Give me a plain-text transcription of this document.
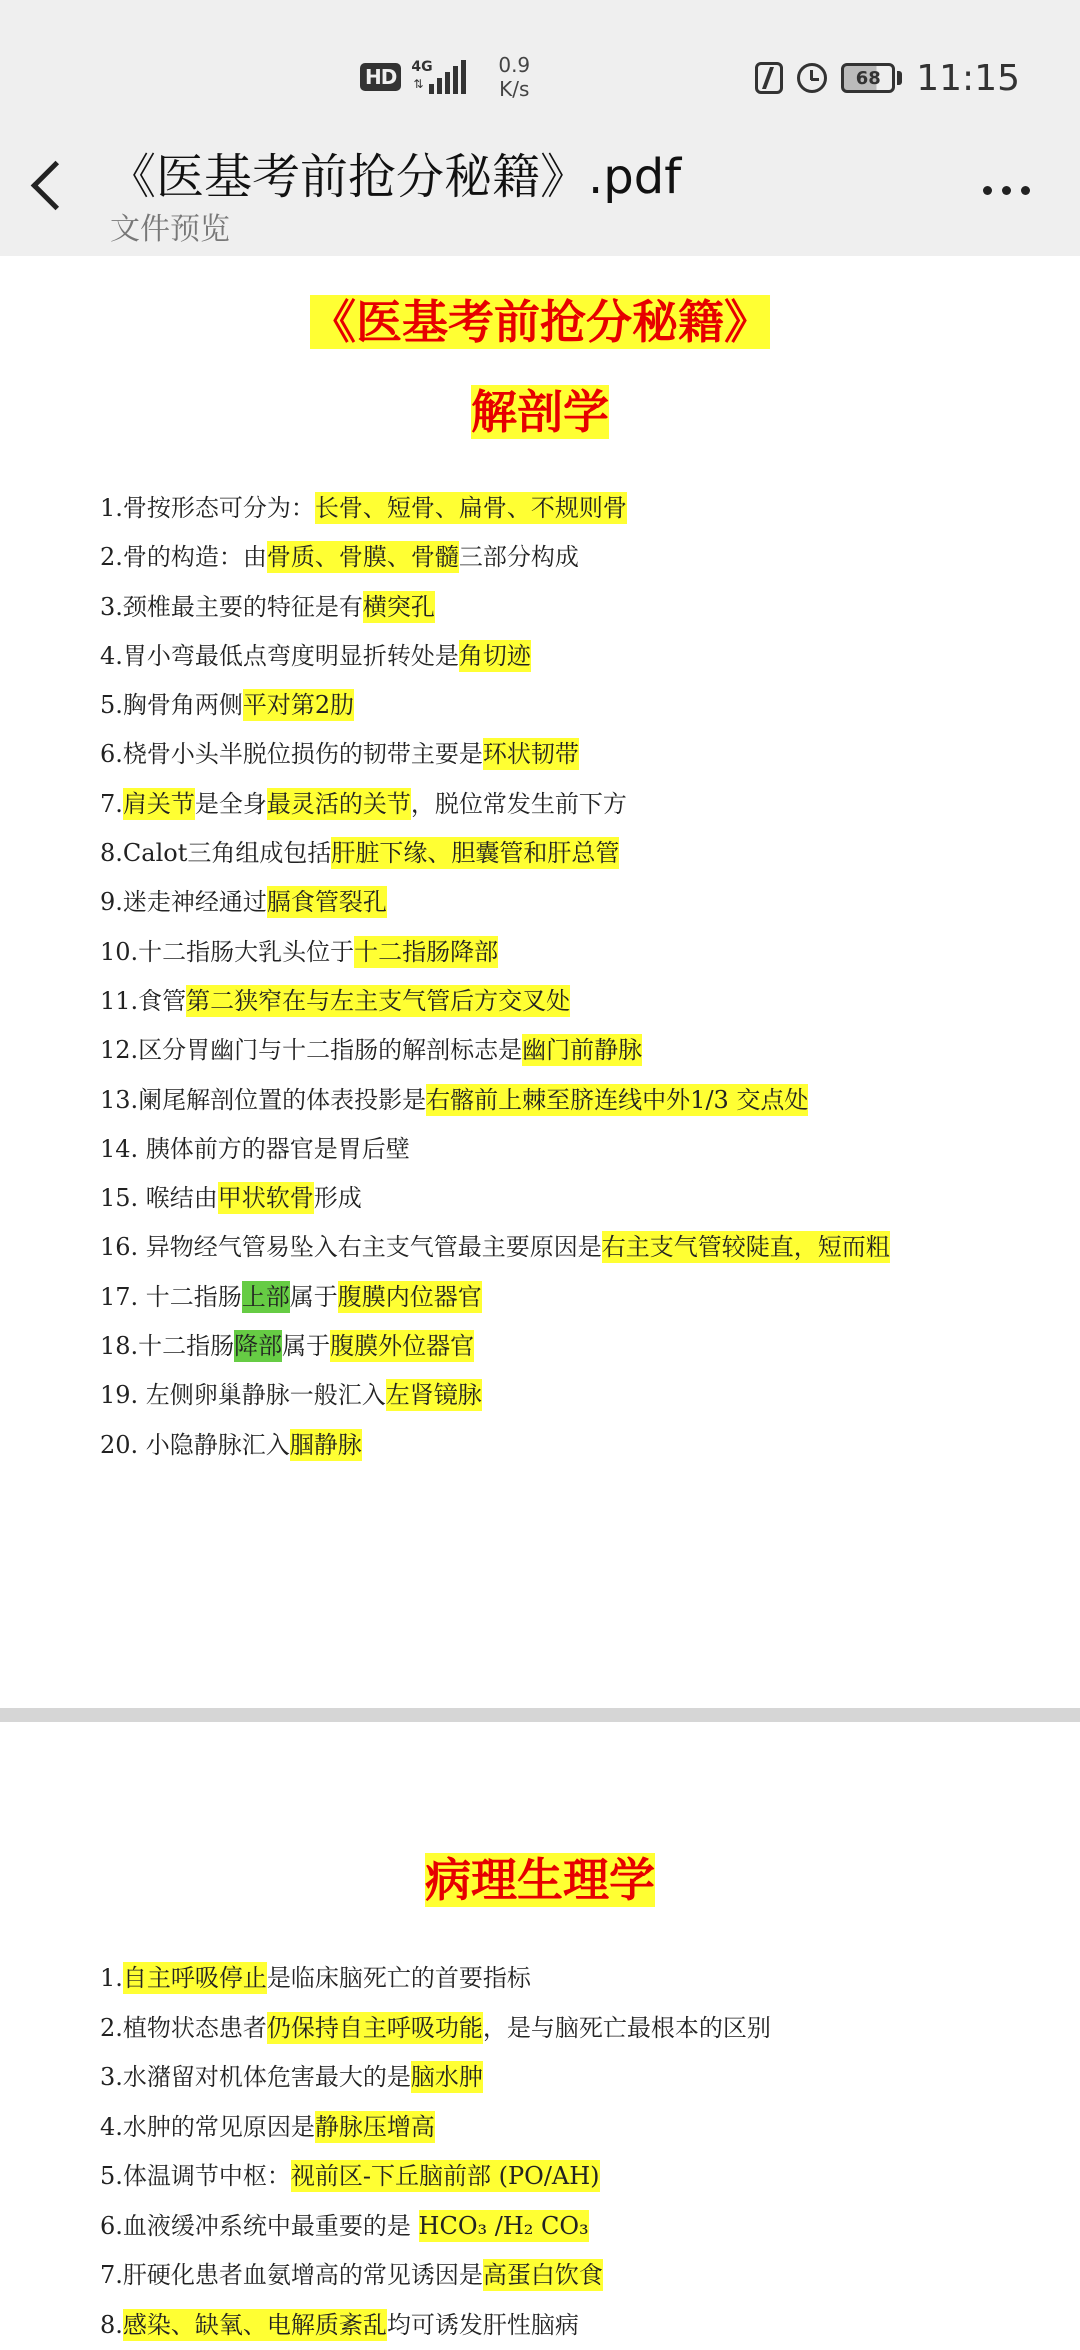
HD	4G
⇅
0.9
K/s	68 11:15
《医基考前抢分秘籍》.pdf
文件预览
《医基考前抢分秘籍》
解剖学
1.骨按形态可分为：长骨、短骨、扁骨、不规则骨
2.骨的构造：由骨质、骨膜、骨髓三部分构成
3.颈椎最主要的特征是有横突孔
4.胃小弯最低点弯度明显折转处是角切迹
5.胸骨角两侧平对第2肋
6.桡骨小头半脱位损伤的韧带主要是环状韧带
7.肩关节是全身最灵活的关节，脱位常发生前下方
8.Calot三角组成包括肝脏下缘、胆囊管和肝总管
9.迷走神经通过膈食管裂孔
10.十二指肠大乳头位于十二指肠降部
11.食管第二狭窄在与左主支气管后方交叉处
12.区分胃幽门与十二指肠的解剖标志是幽门前静脉
13.阑尾解剖位置的体表投影是右髂前上棘至脐连线中外1/3 交点处
14. 胰体前方的器官是胃后壁
15. 喉结由甲状软骨形成
16. 异物经气管易坠入右主支气管最主要原因是右主支气管较陡直，短而粗
17. 十二指肠上部属于腹膜内位器官
18.十二指肠降部属于腹膜外位器官
19. 左侧卵巢静脉一般汇入左肾镜脉
20. 小隐静脉汇入腘静脉
病理生理学
1.自主呼吸停止是临床脑死亡的首要指标
2.植物状态患者仍保持自主呼吸功能，是与脑死亡最根本的区别
3.水潴留对机体危害最大的是脑水肿
4.水肿的常见原因是静脉压增高
5.体温调节中枢：视前区-下丘脑前部 (PO/AH)
6.血液缓冲系统中最重要的是 HCO₃ /H₂ CO₃
7.肝硬化患者血氨增高的常见诱因是高蛋白饮食
8.感染、缺氧、电解质紊乱均可诱发肝性脑病
